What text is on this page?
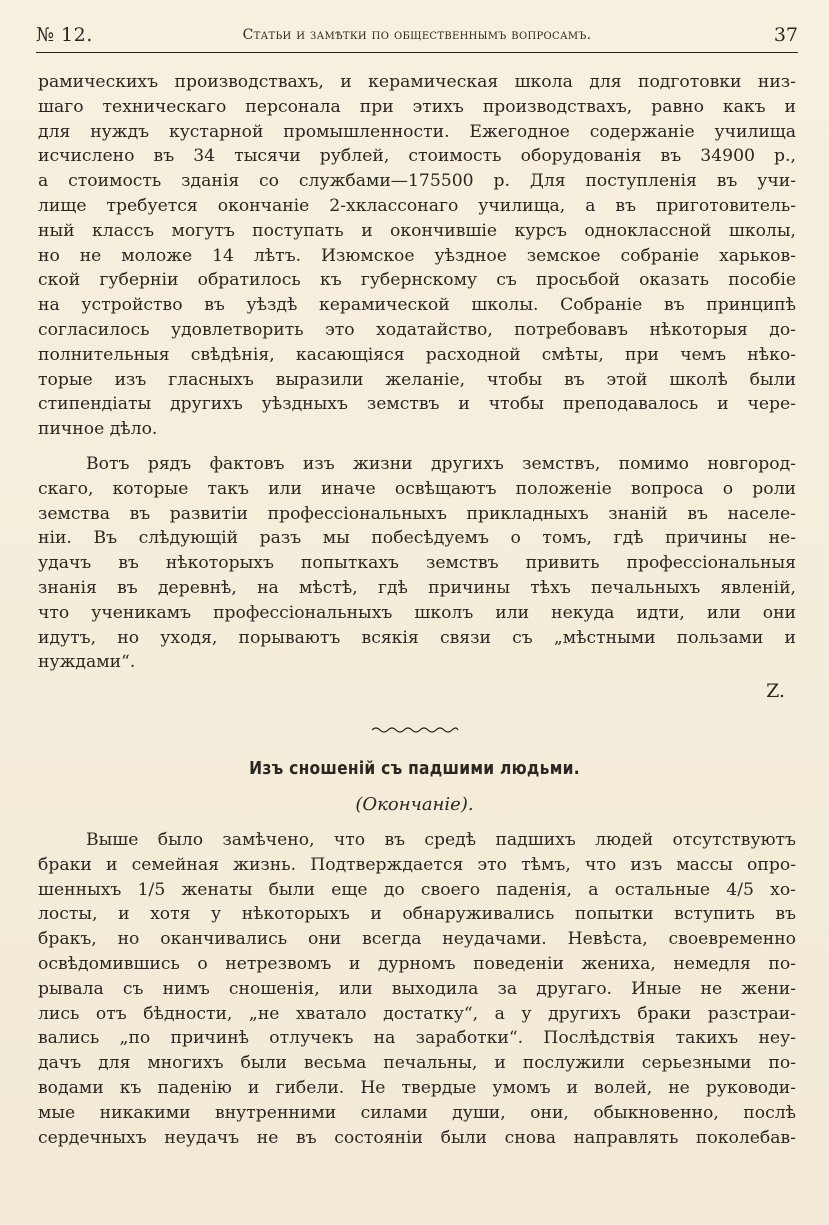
№ 12.	Статьи и замѣтки по общественнымъ вопросамъ.	37
рамическихъ производствахъ, и керамическая школа для подготовки низ-
шаго техническаго персонала при этихъ производствахъ, равно какъ и
для нуждъ кустарной промышленности. Ежегодное содержаніе училища
исчислено въ 34 тысячи рублей, стоимость оборудованія въ 34900 р.,
а стоимость зданія со службами—175500 р. Для поступленія въ учи-
лище требуется окончаніе 2-хклассонаго училища, а въ приготовитель-
ный классъ могутъ поступать и окончившіе курсъ одноклассной школы,
но не моложе 14 лѣтъ. Изюмское уѣздное земское собраніе харьков-
ской губерніи обратилось къ губернскому съ просьбой оказать пособіе
на устройство въ уѣздѣ керамической школы. Собраніе въ принципѣ
согласилось удовлетворить это ходатайство, потребовавъ нѣкоторыя до-
полнительныя свѣдѣнія, касающіяся расходной смѣты, при чемъ нѣко-
торые изъ гласныхъ выразили желаніе, чтобы въ этой школѣ были
стипендіаты другихъ уѣздныхъ земствъ и чтобы преподавалось и чере-
пичное дѣло.
Вотъ рядъ фактовъ изъ жизни другихъ земствъ, помимо новгород-
скаго, которые такъ или иначе освѣщаютъ положеніе вопроса о роли
земства въ развитіи профессіональныхъ прикладныхъ знаній въ населе-
ніи. Въ слѣдующій разъ мы побесѣдуемъ о томъ, гдѣ причины не-
удачъ въ нѣкоторыхъ попыткахъ земствъ привить профессіональныя
знанія въ деревнѣ, на мѣстѣ, гдѣ причины тѣхъ печальныхъ явленій,
что ученикамъ профессіональныхъ школъ или некуда идти, или они
идутъ, но уходя, порываютъ всякія связи съ „мѣстными пользами и
нуждами“.
Z.
Изъ сношеній съ падшими людьми.
(Окончаніе).
Выше было замѣчено, что въ средѣ падшихъ людей отсутствуютъ
браки и семейная жизнь. Подтверждается это тѣмъ, что изъ массы опро-
шенныхъ 1/5 женаты были еще до своего паденія, а остальные 4/5 хо-
лосты, и хотя у нѣкоторыхъ и обнаруживались попытки вступить въ
бракъ, но оканчивались они всегда неудачами. Невѣста, своевременно
освѣдомившись о нетрезвомъ и дурномъ поведеніи жениха, немедля по-
рывала съ нимъ сношенія, или выходила за другаго. Иные не жени-
лись отъ бѣдности, „не хватало достатку“, а у другихъ браки разстраи-
вались „по причинѣ отлучекъ на заработки“. Послѣдствія такихъ неу-
дачъ для многихъ были весьма печальны, и послужили серьезными по-
водами къ паденію и гибели. Не твердые умомъ и волей, не руководи-
мые никакими внутренними силами души, они, обыкновенно, послѣ
сердечныхъ неудачъ не въ состояніи были снова направлять поколебав-
